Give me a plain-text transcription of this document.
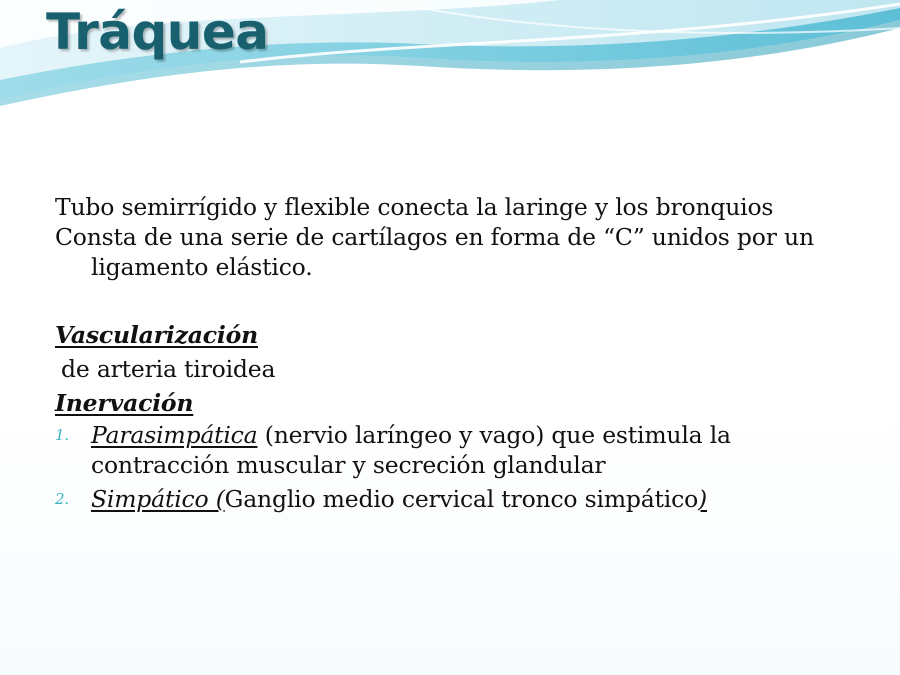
Tráquea

Tubo semirrígido y flexible conecta la laringe y los bronquios

Consta de una serie de cartílagos en forma de “C” unidos por un ligamento elástico.

Vascularización

de arteria tiroidea

Inervación

1. Parasimpática (nervio laríngeo y vago) que estimula la contracción muscular y secreción glandular
2. Simpático (Ganglio medio cervical tronco simpático)
